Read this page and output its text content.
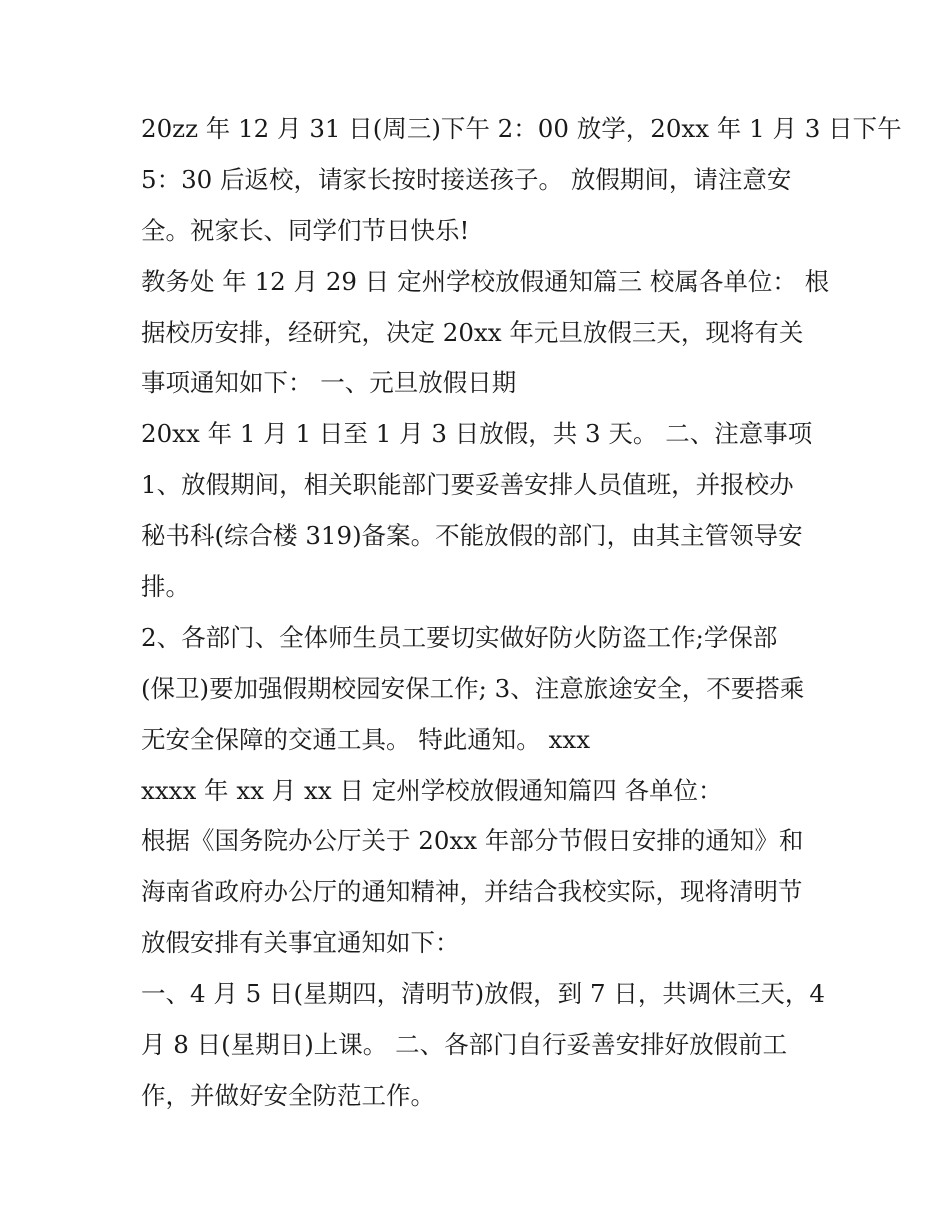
20zz 年 12 月 31 日(周三)下午 2：00 放学，20xx 年 1 月 3 日下午
5：30 后返校，请家长按时接送孩子。 放假期间，请注意安
全。祝家长、同学们节日快乐!
教务处 年 12 月 29 日 定州学校放假通知篇三 校属各单位： 根
据校历安排，经研究，决定 20xx 年元旦放假三天，现将有关
事项通知如下： 一、元旦放假日期
20xx 年 1 月 1 日至 1 月 3 日放假，共 3 天。 二、注意事项
1、放假期间，相关职能部门要妥善安排人员值班，并报校办
秘书科(综合楼 319)备案。不能放假的部门，由其主管领导安
排。
2、各部门、全体师生员工要切实做好防火防盗工作;学保部
(保卫)要加强假期校园安保工作; 3、注意旅途安全，不要搭乘
无安全保障的交通工具。 特此通知。 xxx
xxxx 年 xx 月 xx 日 定州学校放假通知篇四 各单位：
根据《国务院办公厅关于 20xx 年部分节假日安排的通知》和
海南省政府办公厅的通知精神，并结合我校实际，现将清明节
放假安排有关事宜通知如下：
一、4 月 5 日(星期四，清明节)放假，到 7 日，共调休三天，4
月 8 日(星期日)上课。 二、各部门自行妥善安排好放假前工
作，并做好安全防范工作。
